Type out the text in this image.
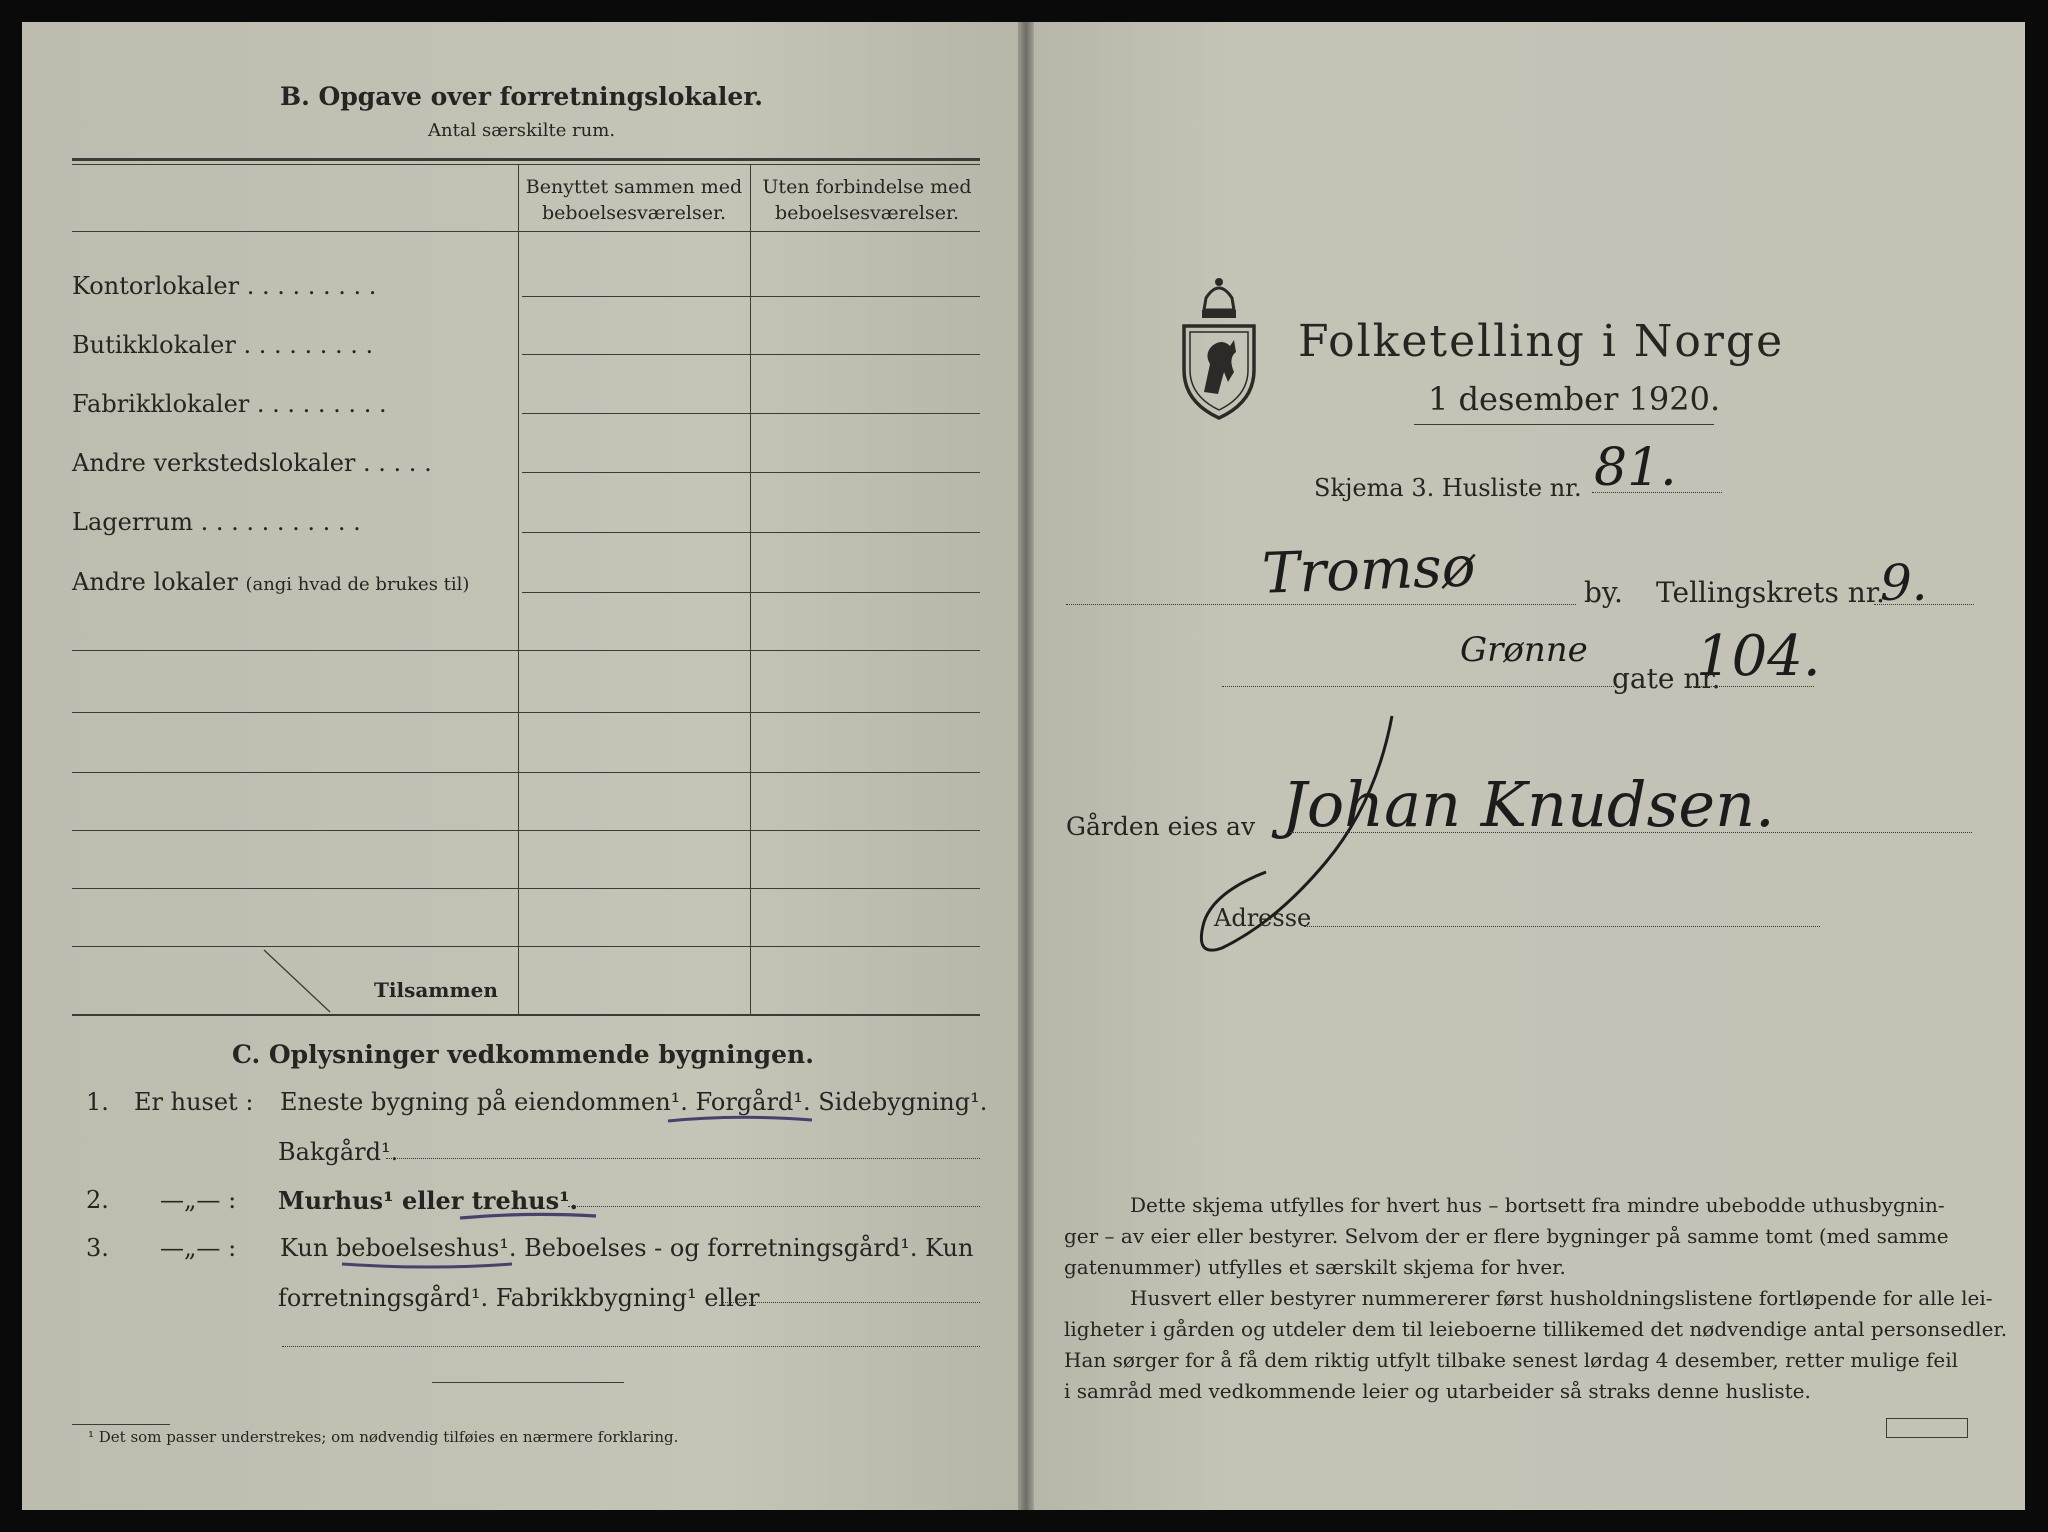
B. Opgave over forretningslokaler.
Antal særskilte rum.
Benyttet sammen med beboelsesværelser.
Uten forbindelse med beboelsesværelser.
Kontorlokaler . . . . . . . . .
Butikklokaler . . . . . . . . .
Fabrikklokaler . . . . . . . . .
Andre verkstedslokaler . . . . .
Lagerrum . . . . . . . . . . .
Andre lokaler (angi hvad de brukes til)
Tilsammen
C. Oplysninger vedkommende bygningen.
1. Er huset : Eneste bygning på eiendommen¹. Forgård¹. Sidebygning¹.
Bakgård¹.
2. —„— : Murhus¹ eller trehus¹.
3. —„— : Kun beboelseshus¹. Beboelses - og forretningsgård¹. Kun
forretningsgård¹. Fabrikkbygning¹ eller
¹ Det som passer understrekes; om nødvendig tilføies en nærmere forklaring.
Folketelling i Norge
1 desember 1920.
Skjema 3. Husliste nr. 81.
Tromsø	by. Tellingskrets nr.
9.
Grønne
gate nr.
104.
Gården eies av Johan Knudsen.
Adresse
Dette skjema utfylles for hvert hus – bortsett fra mindre ubebodde uthusbygnin-
ger – av eier eller bestyrer. Selvom der er flere bygninger på samme tomt (med samme
gatenummer) utfylles et særskilt skjema for hver.
Husvert eller bestyrer nummererer først husholdningslistene fortløpende for alle lei-
ligheter i gården og utdeler dem til leieboerne tillikemed det nødvendige antal personsedler.
Han sørger for å få dem riktig utfylt tilbake senest lørdag 4 desember, retter mulige feil
i samråd med vedkommende leier og utarbeider så straks denne husliste.
